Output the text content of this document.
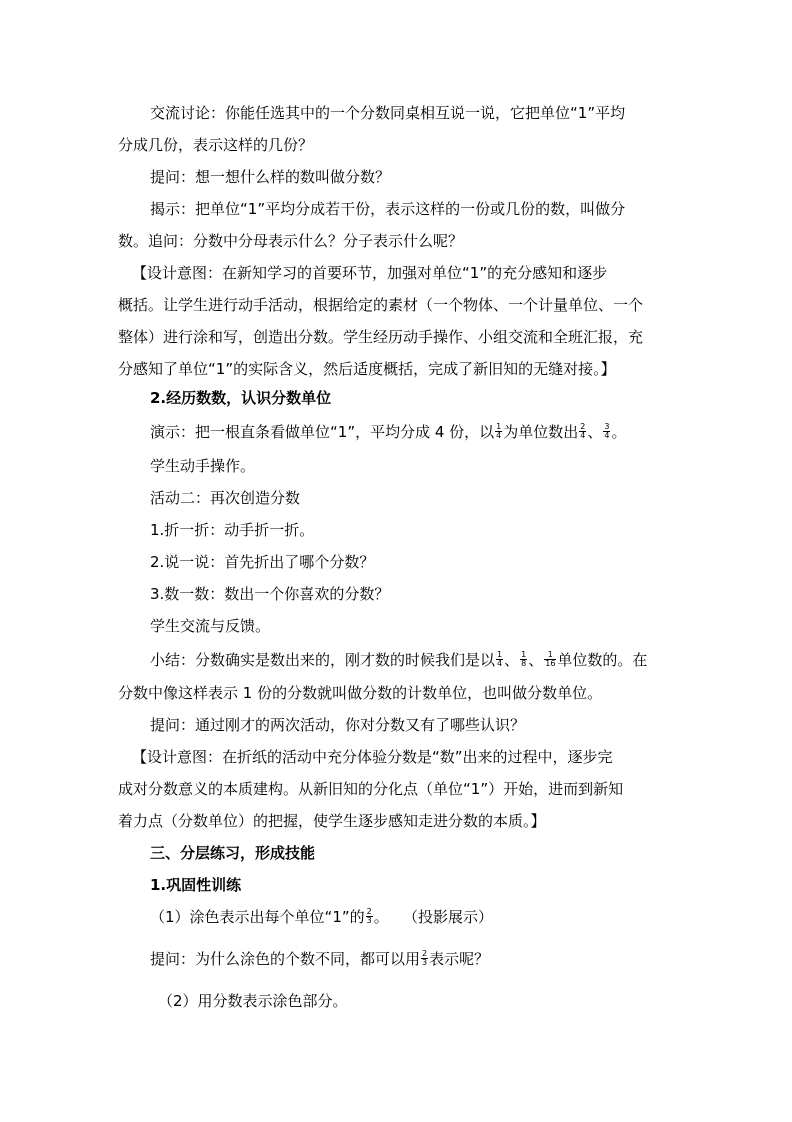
交流讨论：你能任选其中的一个分数同桌相互说一说，它把单位“1”平均
分成几份，表示这样的几份？
提问：想一想什么样的数叫做分数？
揭示：把单位“1”平均分成若干份，表示这样的一份或几份的数，叫做分
数。追问：分数中分母表示什么？分子表示什么呢？
【设计意图：在新知学习的首要环节，加强对单位“1”的充分感知和逐步
概括。让学生进行动手活动，根据给定的素材（一个物体、一个计量单位、一个
整体）进行涂和写，创造出分数。学生经历动手操作、小组交流和全班汇报，充
分感知了单位“1”的实际含义，然后适度概括，完成了新旧知的无缝对接。】
2.经历数数，认识分数单位
演示：把一根直条看做单位“1”，平均分成 4 份，以 $\frac{1}{4}$ 为单位数出 $\frac{2}{4}$ 、 $\frac{3}{4}$ 。
学生动手操作。
活动二：再次创造分数
1.折一折：动手折一折。
2.说一说：首先折出了哪个分数？
3.数一数：数出一个你喜欢的分数？
学生交流与反馈。
小结：分数确实是数出来的，刚才数的时候我们是以 $\frac{1}{4}$ 、 $\frac{1}{8}$ 、 $\frac{1}{16}$ 单位数的。在
分数中像这样表示 1 份的分数就叫做分数的计数单位，也叫做分数单位。
提问：通过刚才的两次活动，你对分数又有了哪些认识？
【设计意图：在折纸的活动中充分体验分数是“数”出来的过程中，逐步完
成对分数意义的本质建构。从新旧知的分化点（单位“1”）开始，进而到新知
着力点（分数单位）的把握，使学生逐步感知走进分数的本质。】
三、分层练习，形成技能
1.巩固性训练
（1）涂色表示出每个单位“1”的 $\frac{2}{3}$ 。   （投影展示）
提问：为什么涂色的个数不同，都可以用 $\frac{2}{3}$ 表示呢？
（2）用分数表示涂色部分。
